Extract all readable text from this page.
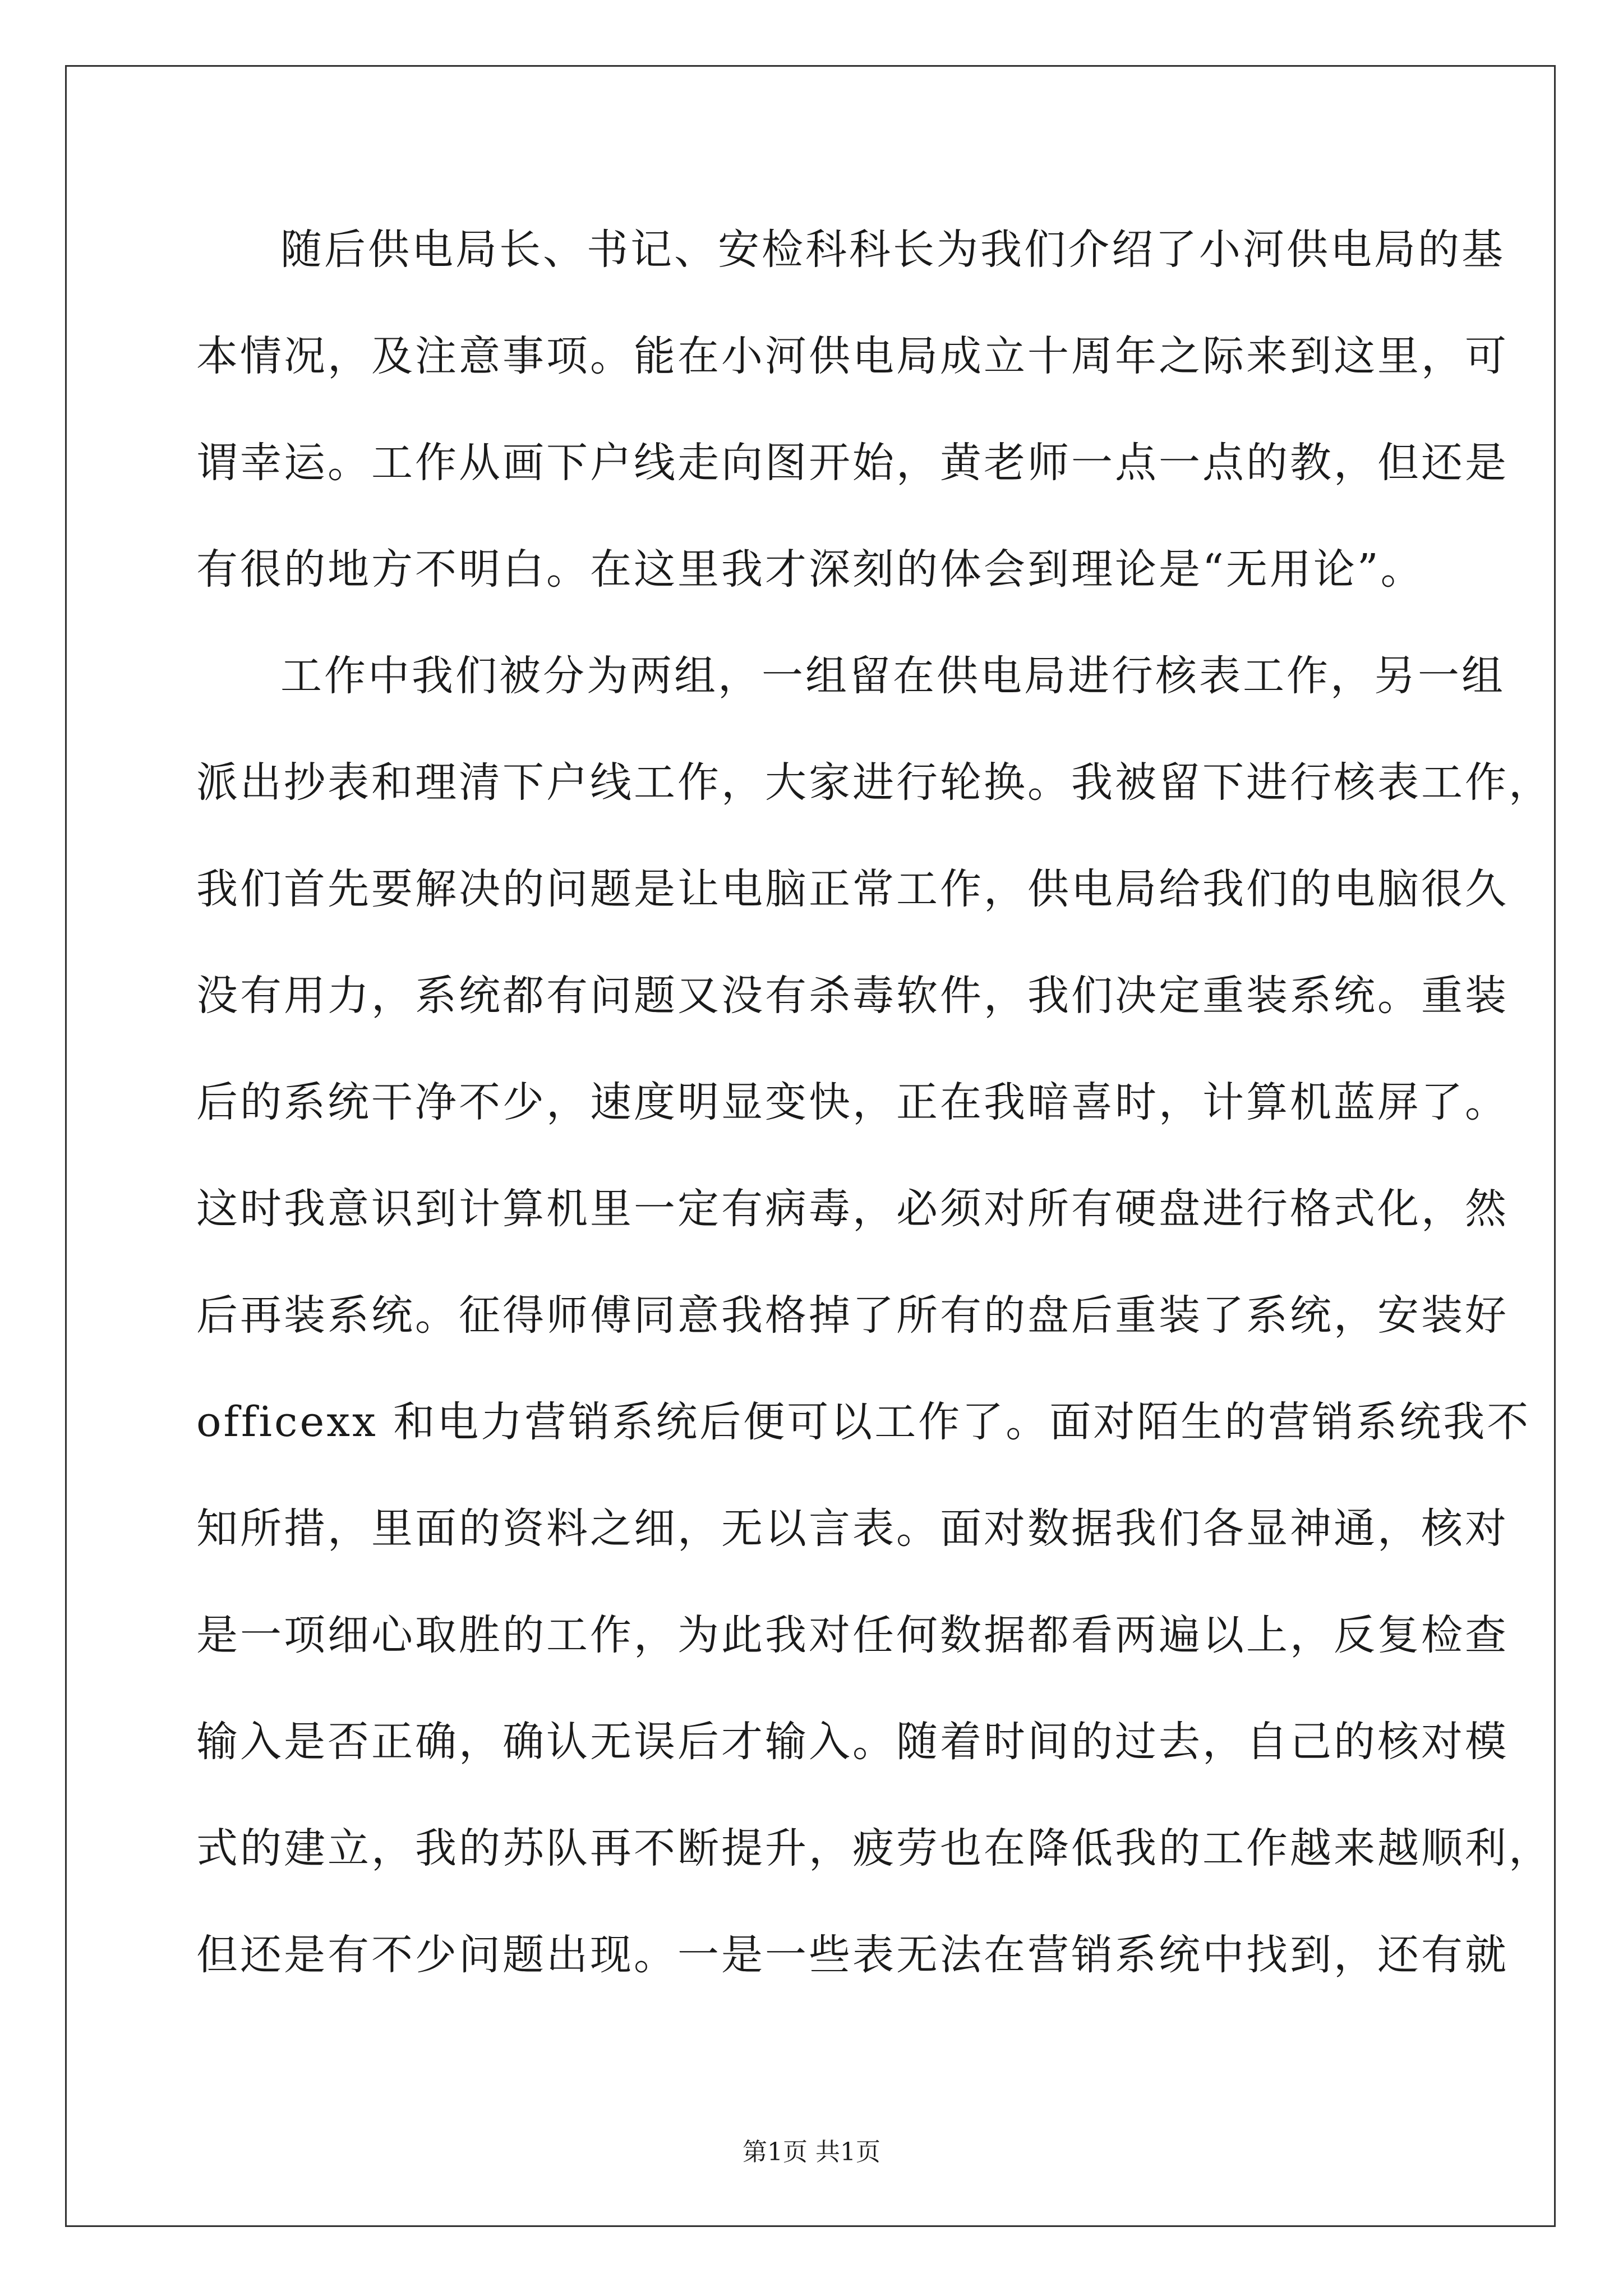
随后供电局长、书记、安检科科长为我们介绍了小河供电局的基
本情况，及注意事项。能在小河供电局成立十周年之际来到这里，可
谓幸运。工作从画下户线走向图开始，黄老师一点一点的教，但还是
有很的地方不明白。在这里我才深刻的体会到理论是“无用论”。
工作中我们被分为两组，一组留在供电局进行核表工作，另一组
派出抄表和理清下户线工作，大家进行轮换。我被留下进行核表工作，
我们首先要解决的问题是让电脑正常工作，供电局给我们的电脑很久
没有用力，系统都有问题又没有杀毒软件，我们决定重装系统。重装
后的系统干净不少，速度明显变快，正在我暗喜时，计算机蓝屏了。
这时我意识到计算机里一定有病毒，必须对所有硬盘进行格式化，然
后再装系统。征得师傅同意我格掉了所有的盘后重装了系统，安装好
officexx 和电力营销系统后便可以工作了。面对陌生的营销系统我不
知所措，里面的资料之细，无以言表。面对数据我们各显神通，核对
是一项细心取胜的工作，为此我对任何数据都看两遍以上，反复检查
输入是否正确，确认无误后才输入。随着时间的过去，自己的核对模
式的建立，我的苏队再不断提升，疲劳也在降低我的工作越来越顺利，
但还是有不少问题出现。一是一些表无法在营销系统中找到，还有就
第1页 共1页
